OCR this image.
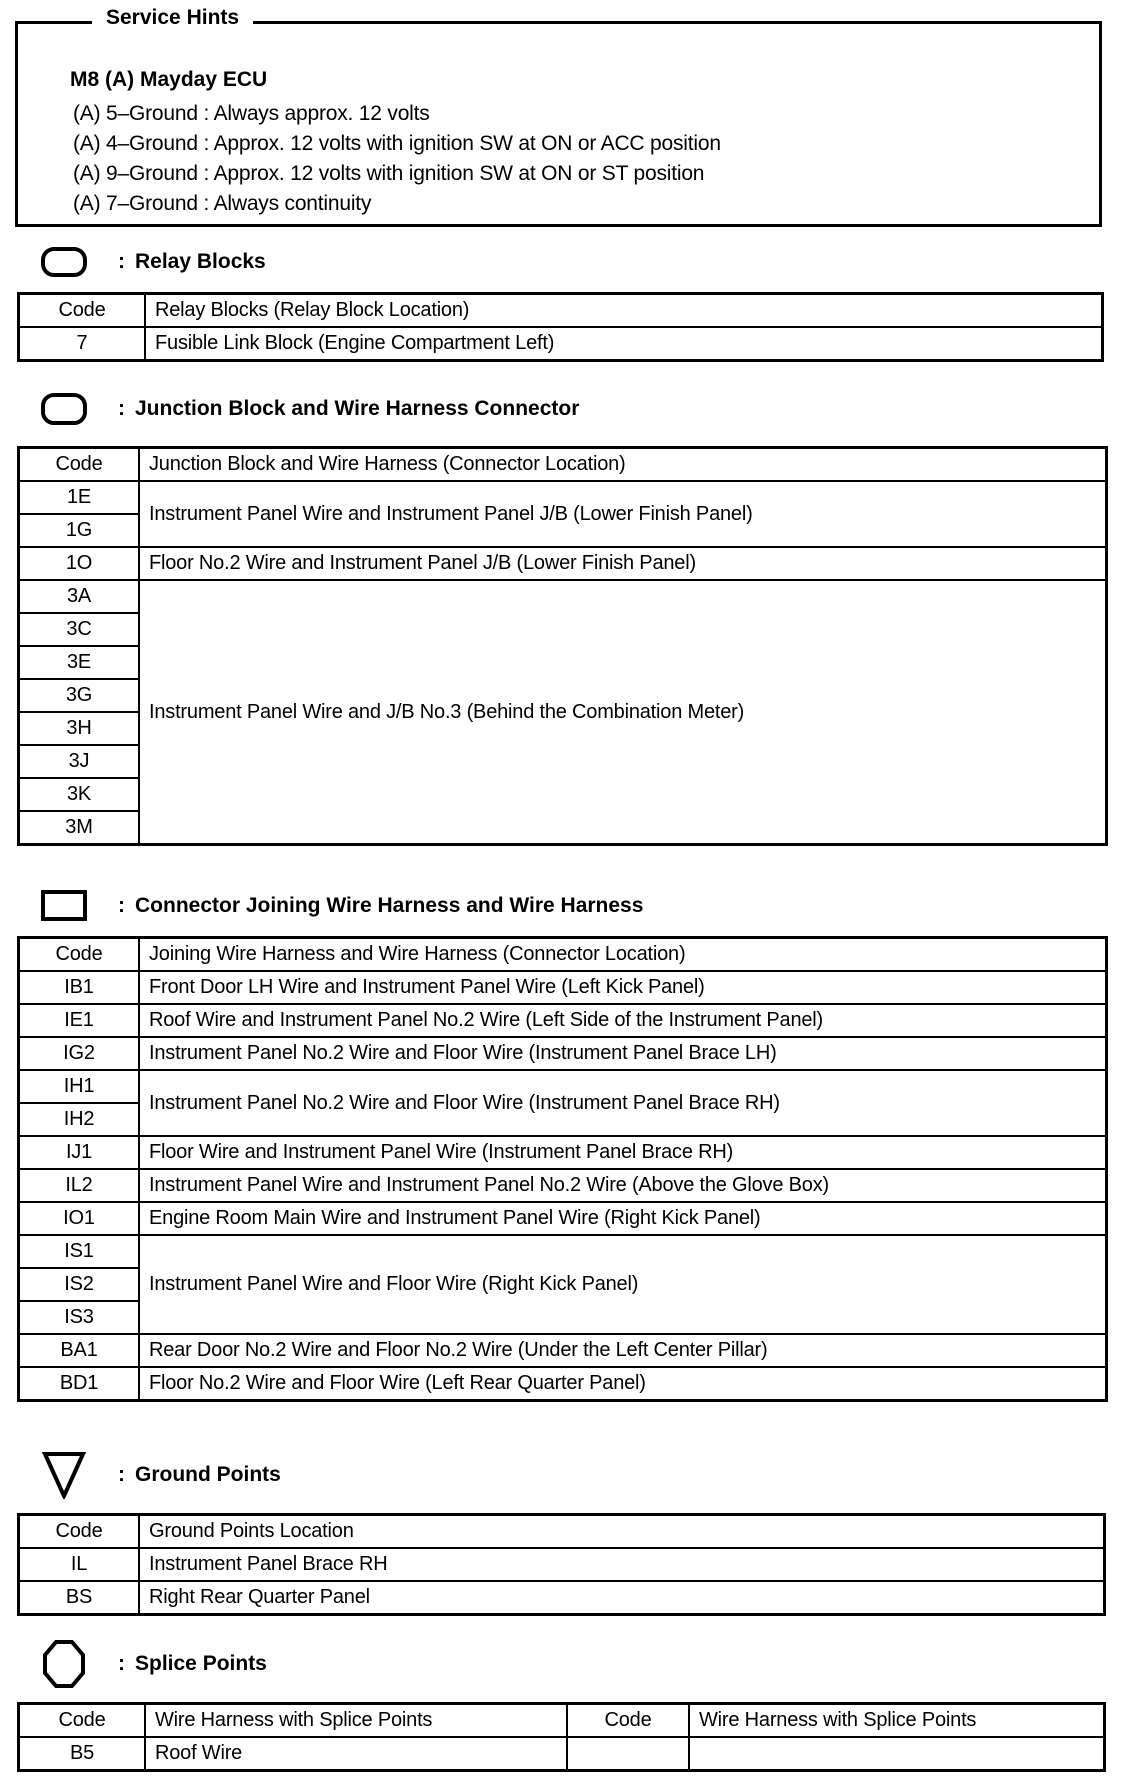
M8 (A) Mayday ECU
(A) 5–Ground : Always approx. 12 volts
(A) 4–Ground : Approx. 12 volts with ignition SW at ON or ACC position
(A) 9–Ground : Approx. 12 volts with ignition SW at ON or ST position
(A) 7–Ground : Always continuity
Service Hints
: Relay Blocks
Code	Relay Blocks (Relay Block Location)
7	Fusible Link Block (Engine Compartment Left)
: Junction Block and Wire Harness Connector
Code	Junction Block and Wire Harness (Connector Location)
1E	Instrument Panel Wire and Instrument Panel J/B (Lower Finish Panel)
1G	
1O	Floor No.2 Wire and Instrument Panel J/B (Lower Finish Panel)
3A	Instrument Panel Wire and J/B No.3 (Behind the Combination Meter)
3C	
3E	
3G	
3H	
3J	
3K	
3M	
: Connector Joining Wire Harness and Wire Harness
Code	Joining Wire Harness and Wire Harness (Connector Location)
IB1	Front Door LH Wire and Instrument Panel Wire (Left Kick Panel)
IE1	Roof Wire and Instrument Panel No.2 Wire (Left Side of the Instrument Panel)
IG2	Instrument Panel No.2 Wire and Floor Wire (Instrument Panel Brace LH)
IH1	Instrument Panel No.2 Wire and Floor Wire (Instrument Panel Brace RH)
IH2	
IJ1	Floor Wire and Instrument Panel Wire (Instrument Panel Brace RH)
IL2	Instrument Panel Wire and Instrument Panel No.2 Wire (Above the Glove Box)
IO1	Engine Room Main Wire and Instrument Panel Wire (Right Kick Panel)
IS1	Instrument Panel Wire and Floor Wire (Right Kick Panel)
IS2	
IS3	
BA1	Rear Door No.2 Wire and Floor No.2 Wire (Under the Left Center Pillar)
BD1	Floor No.2 Wire and Floor Wire (Left Rear Quarter Panel)
: Ground Points
Code	Ground Points Location
IL	Instrument Panel Brace RH
BS	Right Rear Quarter Panel
: Splice Points
Code	Wire Harness with Splice Points	Code	Wire Harness with Splice Points
B5	Roof Wire		
